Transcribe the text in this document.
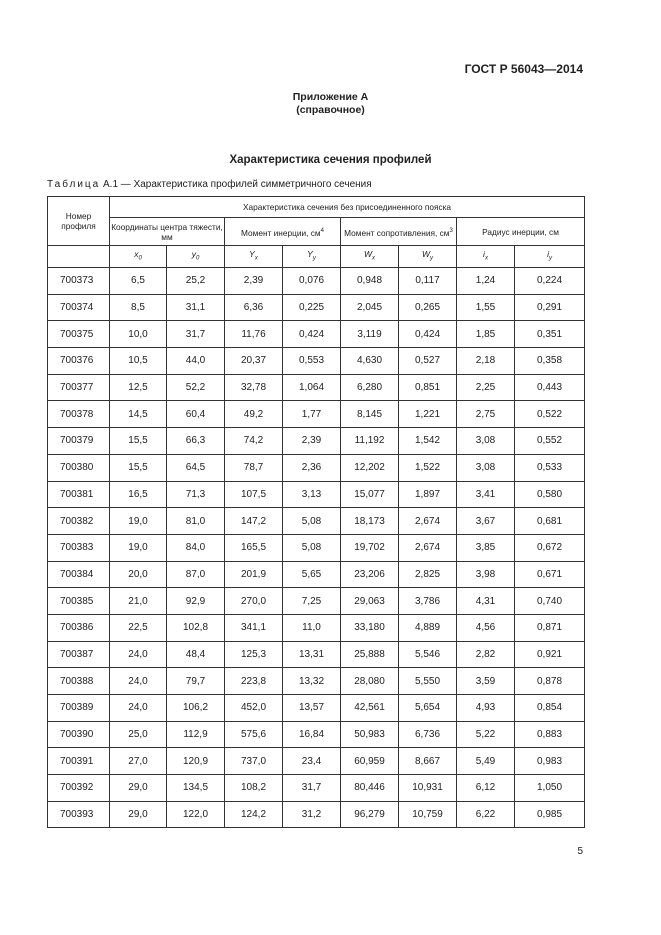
ГОСТ Р 56043—2014
Приложение А
(справочное)
Характеристика сечения профилей
Таблица А.1 — Характеристика профилей симметричного сечения
Номер профиля	Характеристика сечения без присоединенного пояска							
	Координаты центра тяжести, мм		Момент инерции, $см^4$		Момент сопротивления, $см^3$		Радиус инерции, см	
	$x_0$	$y_0$	$Y_x$	$Y_y$	$W_x$	$W_y$	$i_x$	$i_y$
700373	6,5	25,2	2,39	0,076	0,948	0,117	1,24	0,224
700374	8,5	31,1	6,36	0,225	2,045	0,265	1,55	0,291
700375	10,0	31,7	11,76	0,424	3,119	0,424	1,85	0,351
700376	10,5	44,0	20,37	0,553	4,630	0,527	2,18	0,358
700377	12,5	52,2	32,78	1,064	6,280	0,851	2,25	0,443
700378	14,5	60,4	49,2	1,77	8,145	1,221	2,75	0,522
700379	15,5	66,3	74,2	2,39	11,192	1,542	3,08	0,552
700380	15,5	64,5	78,7	2,36	12,202	1,522	3,08	0,533
700381	16,5	71,3	107,5	3,13	15,077	1,897	3,41	0,580
700382	19,0	81,0	147,2	5,08	18,173	2,674	3,67	0,681
700383	19,0	84,0	165,5	5,08	19,702	2,674	3,85	0,672
700384	20,0	87,0	201,9	5,65	23,206	2,825	3,98	0,671
700385	21,0	92,9	270,0	7,25	29,063	3,786	4,31	0,740
700386	22,5	102,8	341,1	11,0	33,180	4,889	4,56	0,871
700387	24,0	48,4	125,3	13,31	25,888	5,546	2,82	0,921
700388	24,0	79,7	223,8	13,32	28,080	5,550	3,59	0,878
700389	24,0	106,2	452,0	13,57	42,561	5,654	4,93	0,854
700390	25,0	112,9	575,6	16,84	50,983	6,736	5,22	0,883
700391	27,0	120,9	737,0	23,4	60,959	8,667	5,49	0,983
700392	29,0	134,5	108,2	31,7	80,446	10,931	6,12	1,050
700393	29,0	122,0	124,2	31,2	96,279	10,759	6,22	0,985
5
